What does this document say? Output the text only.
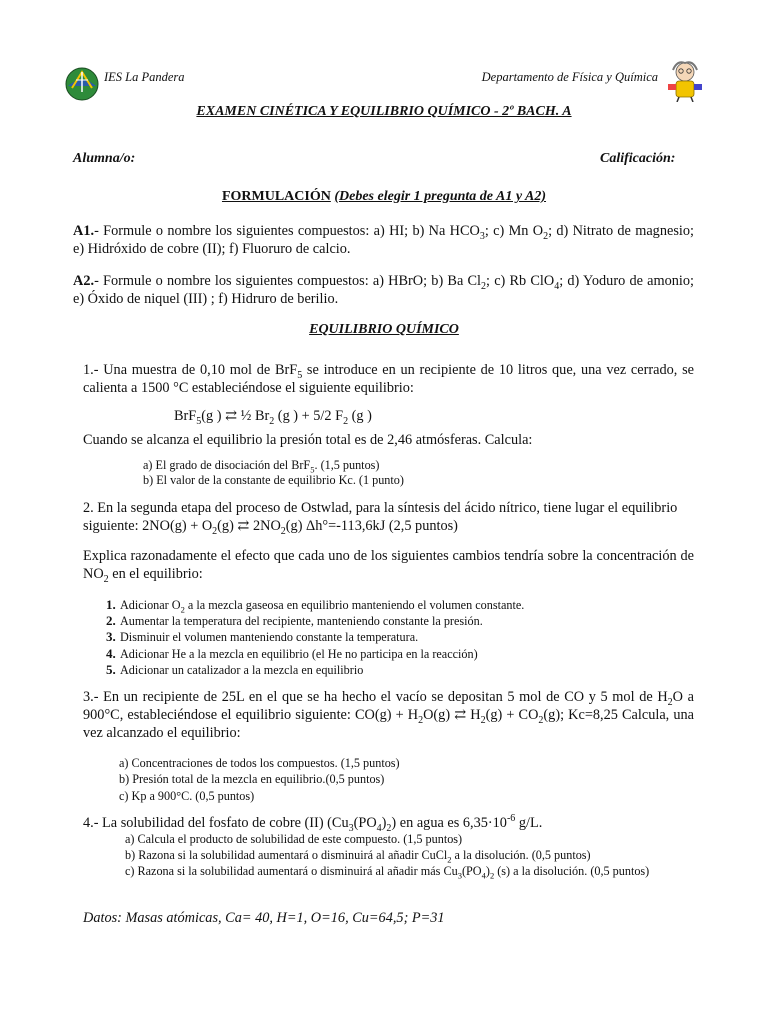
IES La Pandera	Departamento de Física y Química
EXAMEN CINÉTICA Y EQUILIBRIO QUÍMICO - 2º BACH. A
Alumna/o:	Calificación:
FORMULACIÓN (Debes elegir 1 pregunta de A1 y A2)

A1.- Formule o nombre los siguientes compuestos: a) HI; b) Na $HCO_3$; c) Mn $O_2$; d) Nitrato de magnesio; e) Hidróxido de cobre (II); f) Fluoruro de calcio.

A2.- Formule o nombre los siguientes compuestos: a) HBrO; b) Ba $Cl_2$; c) Rb ClO$_4$; d) Yoduro de amonio; e) Óxido de niquel (III) ; f) Hidruro de berilio.

EQUILIBRIO QUÍMICO

1.- Una muestra de 0,10 mol de BrF$_5$ se introduce en un recipiente de 10 litros que, una vez cerrado, se calienta a 1500 °C estableciéndose el siguiente equilibrio:

BrF$_5$(g ) ⇄ ½ $Br_2$ (g ) + 5/2 $F_2$ (g )

Cuando se alcanza el equilibrio la presión total es de 2,46 atmósferas. Calcula:

a) El grado de disociación del BrF$_5$. (1,5 puntos)

b) El valor de la constante de equilibrio Kc. (1 punto)

2. En la segunda etapa del proceso de Ostwlad, para la síntesis del ácido nítrico, tiene lugar el equilibrio siguiente: $2NO(g) + O_2(g)$ ⇄ $2NO_2(g)$ Δh°=-113,6kJ (2,5 puntos)

Explica razonadamente el efecto que cada uno de los siguientes cambios tendría sobre la concentración de $NO_2$ en el equilibrio:

1. Adicionar $O_2$ a la mezcla gaseosa en equilibrio manteniendo el volumen constante.
2. Aumentar la temperatura del recipiente, manteniendo constante la presión.
3. Disminuir el volumen manteniendo constante la temperatura.
4. Adicionar He a la mezcla en equilibrio (el He no participa en la reacción)
5. Adicionar un catalizador a la mezcla en equilibrio

3.- En un recipiente de 25L en el que se ha hecho el vacío se depositan 5 mol de CO y 5 mol de $H_2O$ a 900°C, estableciéndose el equilibrio siguiente: $CO(g) + H_2O(g)$ ⇄ $H_2(g) + CO_2(g)$; Kc=8,25 Calcula, una vez alcanzado el equilibrio:

a) Concentraciones de todos los compuestos. (1,5 puntos)

b) Presión total de la mezcla en equilibrio.(0,5 puntos)

c) Kp a 900°C. (0,5 puntos)

4.- La solubilidad del fosfato de cobre (II) $(Cu_3(PO_4)_2)$ en agua es $6,35\cdot 10^{-6}$ g/L.

a) Calcula el producto de solubilidad de este compuesto. (1,5 puntos)

b) Razona si la solubilidad aumentará o disminuirá al añadir CuCl$_2$ a la disolución. (0,5 puntos)

c) Razona si la solubilidad aumentará o disminuirá al añadir más $Cu_3(PO_4)_2$ (s) a la disolución. (0,5 puntos)

Datos: Masas atómicas, Ca= 40, H=1, O=16, Cu=64,5; P=31
